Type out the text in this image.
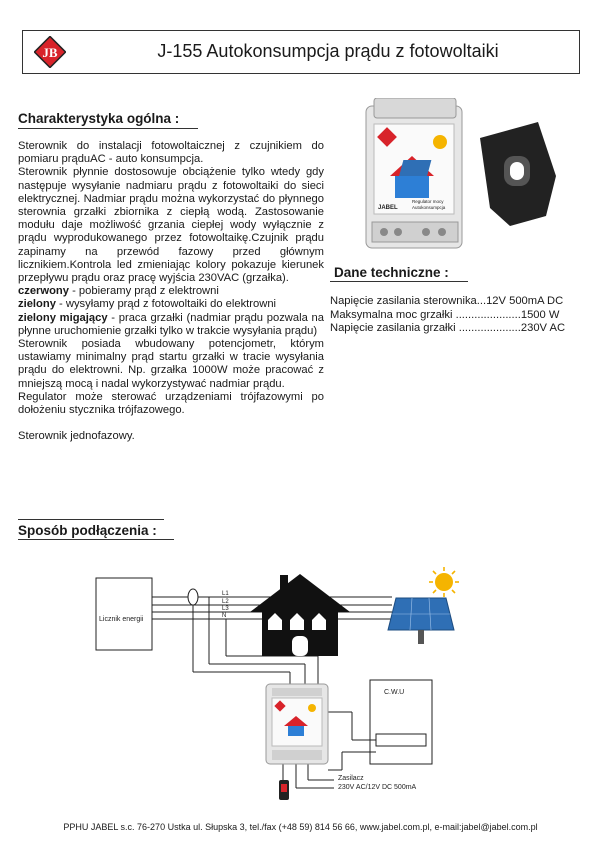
JB	J-155 Autokonsumpcja prądu z fotowoltaiki
Charakterystyka ogólna :

Sterownik do instalacji fotowoltaicznej z czujnikiem do pomiaru prąduAC - auto konsumpcja.

Sterownik płynnie dostosowuje obciążenie tylko wtedy gdy następuje wysyłanie nadmiaru prądu z fotowoltaiki do sieci elektrycznej. Nadmiar prądu można wykorzystać do płynnego sterownia grzałki zbiornika z ciepłą wodą. Zastosowanie modułu daje możliwość grzania ciepłej wody wyłącznie z prądu wyprodukowanego przez fotowoltaikę.Czujnik prądu zapinamy na przewód fazowy przed głównym licznikiem.Kontrola led zmieniając kolory pokazuje kierunek przepływu prądu oraz pracę wyjścia 230VAC (grzałka).

czerwony - pobieramy prąd z elektrowni

zielony - wysyłamy prąd z fotowoltaiki do elektrowni

zielony migający - praca grzałki (nadmiar prądu pozwala na płynne uruchomienie grzałki tylko w trakcie wysyłania prądu)

Sterownik posiada wbudowany potencjometr, którym ustawiamy minimalny prąd startu grzałki w tracie wysyłania prądu do elektrowni. Np. grzałka 1000W może pracować z mniejszą mocą i nadal wykorzystywać nadmiar prądu.

Regulator może sterować urządzeniami trójfazowymi po dołożeniu stycznika trójfazowego.

Sterownik jednofazowy.

JABEL
Regulator mocy
Autokonsumpcja
Dane techniczne :
Napięcie zasilania sterownika...12V 500mA DC
Maksymalna moc grzałki .....................1500 W
Napięcie zasilania grzałki ....................230V AC
Sposób podłączenia :
Licznik energii
L1
L2
L3
N
C.W.U
Zasilacz
230V AC/12V DC 500mA
PPHU JABEL s.c. 76-270 Ustka ul. Słupska 3, tel./fax (+48 59) 814 56 66, www.jabel.com.pl, e-mail:jabel@jabel.com.pl
